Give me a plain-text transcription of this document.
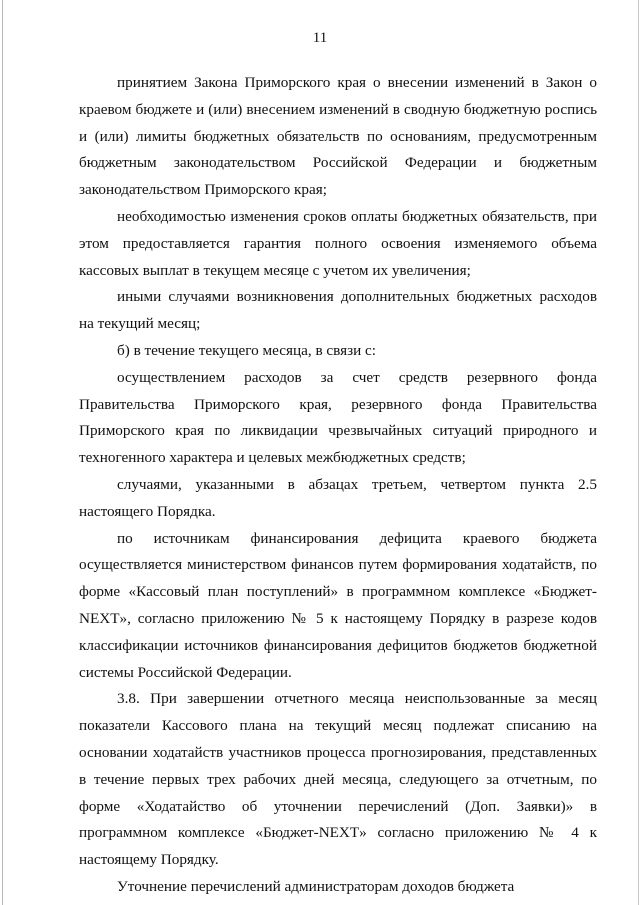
11

принятием Закона Приморского края о внесении изменений в Закон о краевом бюджете и (или) внесением изменений в сводную бюджетную роспись и (или) лимиты бюджетных обязательств по основаниям, предусмотренным бюджетным законодательством Российской Федерации и бюджетным законодательством Приморского края;

необходимостью изменения сроков оплаты бюджетных обязательств, при этом предоставляется гарантия полного освоения изменяемого объема кассовых выплат в текущем месяце с учетом их увеличения;

иными случаями возникновения дополнительных бюджетных расходов на текущий месяц;

б) в течение текущего месяца, в связи с:

осуществлением расходов за счет средств резервного фонда Правительства Приморского края, резервного фонда Правительства Приморского края по ликвидации чрезвычайных ситуаций природного и техногенного характера и целевых межбюджетных средств;

случаями, указанными в абзацах третьем, четвертом пункта 2.5 настоящего Порядка.

по источникам финансирования дефицита краевого бюджета осуществляется министерством финансов путем формирования ходатайств, по форме «Кассовый план поступлений» в программном комплексе «Бюджет-NEXT», согласно приложению № 5 к настоящему Порядку в разрезе кодов классификации источников финансирования дефицитов бюджетов бюджетной системы Российской Федерации.

3.8. При завершении отчетного месяца неиспользованные за месяц показатели Кассового плана на текущий месяц подлежат списанию на основании ходатайств участников процесса прогнозирования, представленных в течение первых трех рабочих дней месяца, следующего за отчетным, по форме «Ходатайство об уточнении перечислений (Доп. Заявки)» в программном комплексе «Бюджет-NEXT» согласно приложению № 4 к настоящему Порядку.

Уточнение перечислений администраторам доходов бюджета
